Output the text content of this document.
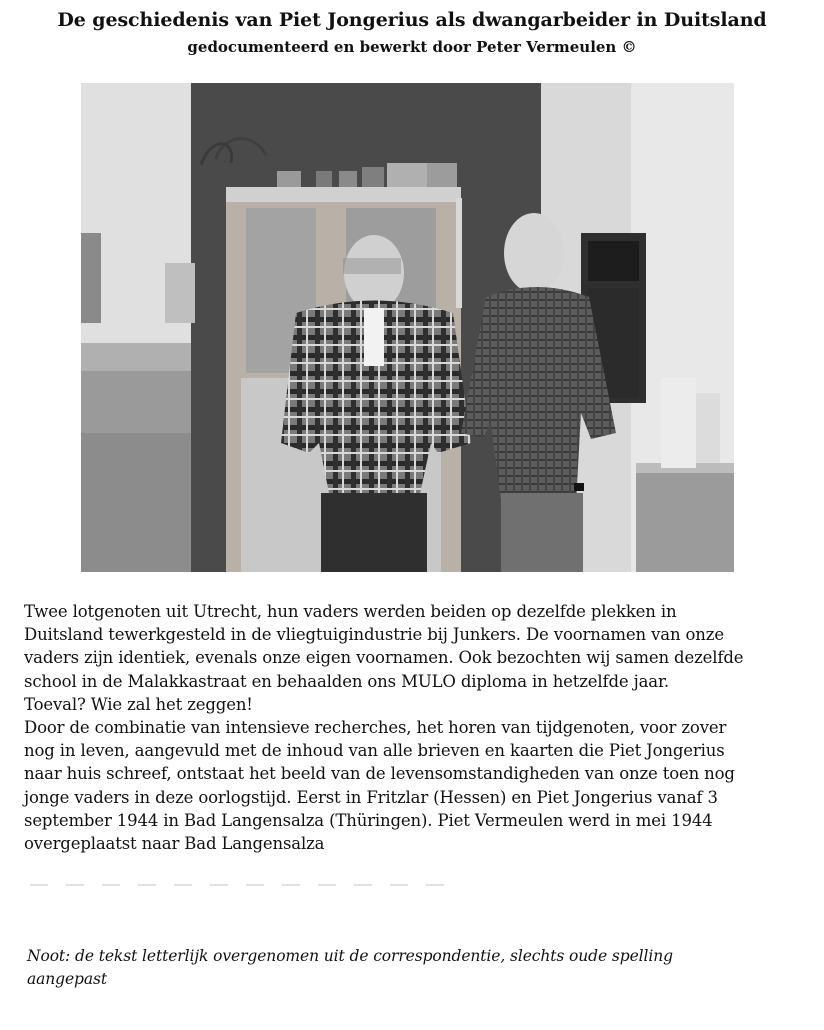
De geschiedenis van Piet Jongerius als dwangarbeider in Duitsland
gedocumenteerd en bewerkt door Peter Vermeulen ©

Twee lotgenoten uit Utrecht, hun vaders werden beiden op dezelfde plekken in
Duitsland tewerkgesteld in de vliegtuigindustrie bij Junkers. De voornamen van onze
vaders zijn identiek, evenals onze eigen voornamen. Ook bezochten wij samen dezelfde
school in de Malakkastraat en behaalden ons MULO diploma in hetzelfde jaar.
Toeval? Wie zal het zeggen!
Door de combinatie van intensieve recherches, het horen van tijdgenoten, voor zover
nog in leven, aangevuld met de inhoud van alle brieven en kaarten die Piet Jongerius
naar huis schreef, ontstaat het beeld van de levensomstandigheden van onze toen nog
jonge vaders in deze oorlogstijd. Eerst in Fritzlar (Hessen) en Piet Jongerius vanaf 3
september 1944 in Bad Langensalza (Thüringen). Piet Vermeulen werd in mei 1944
overgeplaatst naar Bad Langensalza

Noot: de tekst letterlijk overgenomen uit de correspondentie, slechts oude spelling
aangepast
